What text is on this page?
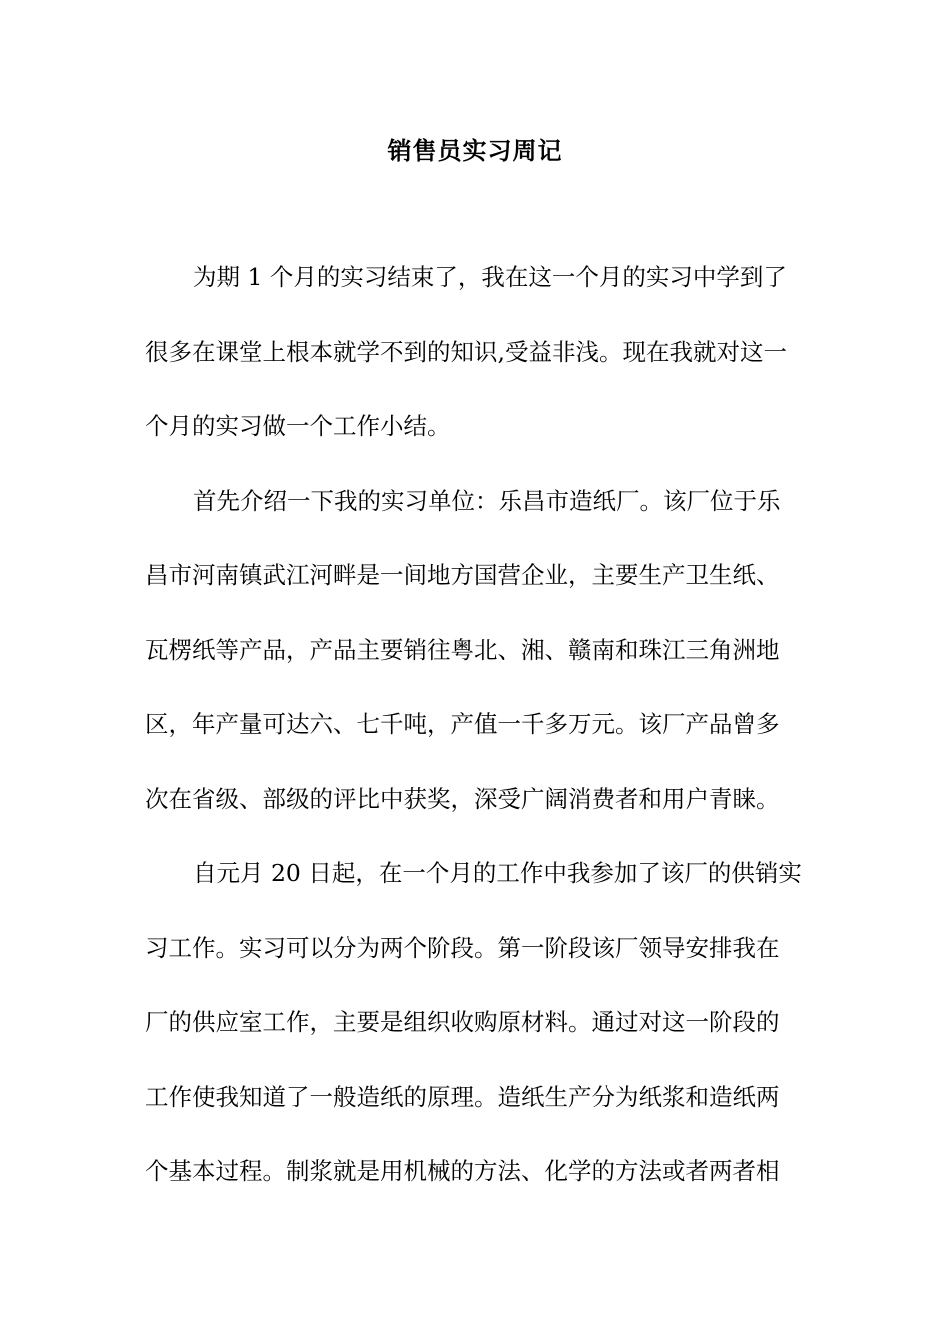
销售员实习周记
为期 1 个月的实习结束了，我在这一个月的实习中学到了
很多在课堂上根本就学不到的知识,受益非浅。现在我就对这一
个月的实习做一个工作小结。
首先介绍一下我的实习单位：乐昌市造纸厂。该厂位于乐
昌市河南镇武江河畔是一间地方国营企业，主要生产卫生纸、
瓦楞纸等产品，产品主要销往粤北、湘、赣南和珠江三角洲地
区，年产量可达六、七千吨，产值一千多万元。该厂产品曾多
次在省级、部级的评比中获奖，深受广阔消费者和用户青睐。
自元月 20 日起，在一个月的工作中我参加了该厂的供销实
习工作。实习可以分为两个阶段。第一阶段该厂领导安排我在
厂的供应室工作，主要是组织收购原材料。通过对这一阶段的
工作使我知道了一般造纸的原理。造纸生产分为纸浆和造纸两
个基本过程。制浆就是用机械的方法、化学的方法或者两者相
